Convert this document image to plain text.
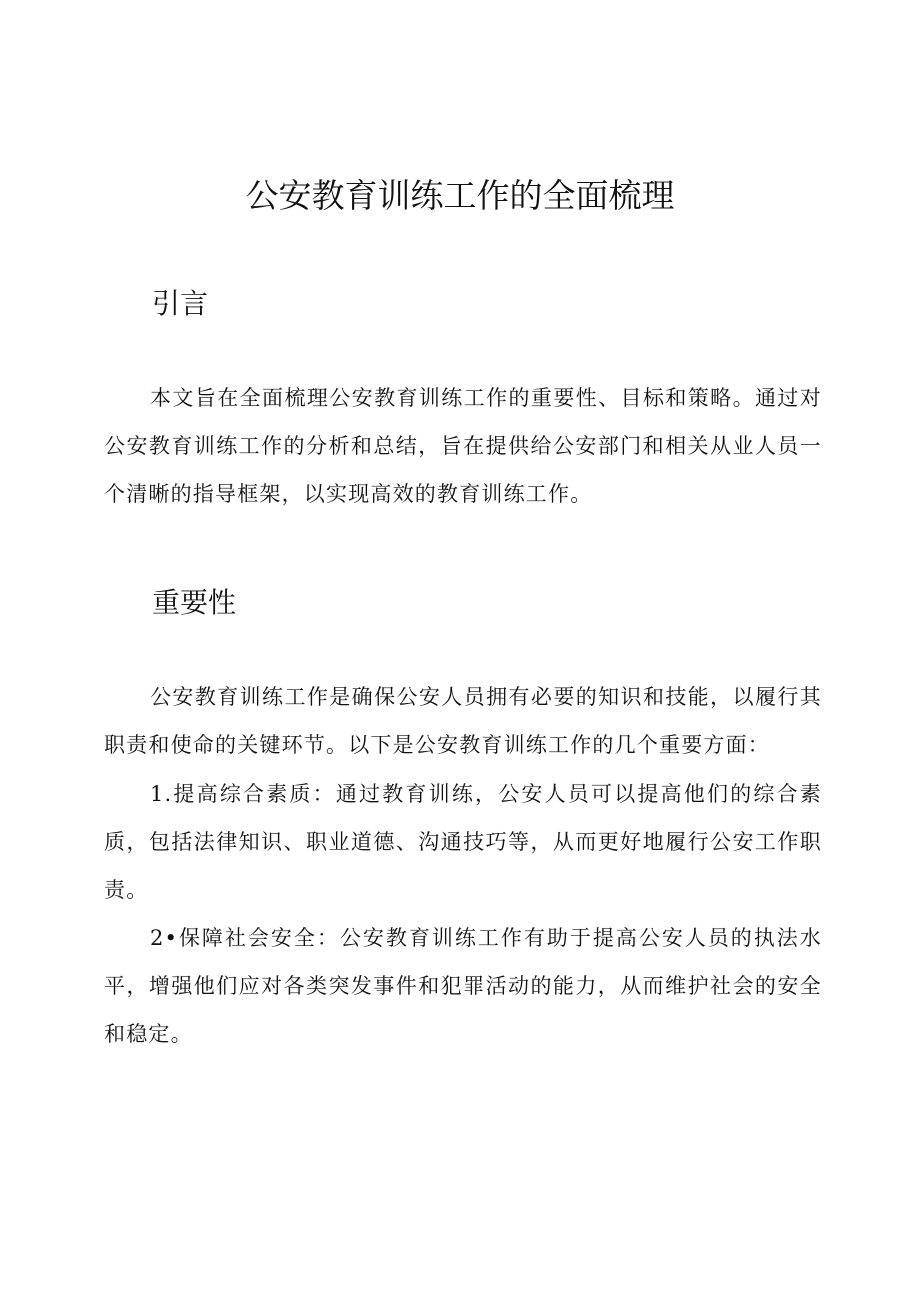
公安教育训练工作的全面梳理
引言

本文旨在全面梳理公安教育训练工作的重要性、目标和策略。通过对公安教育训练工作的分析和总结，旨在提供给公安部门和相关从业人员一个清晰的指导框架，以实现高效的教育训练工作。

重要性

公安教育训练工作是确保公安人员拥有必要的知识和技能，以履行其职责和使命的关键环节。以下是公安教育训练工作的几个重要方面：

1.提高综合素质：通过教育训练，公安人员可以提高他们的综合素质，包括法律知识、职业道德、沟通技巧等，从而更好地履行公安工作职责。

2•保障社会安全：公安教育训练工作有助于提高公安人员的执法水平，增强他们应对各类突发事件和犯罪活动的能力，从而维护社会的安全和稳定。
